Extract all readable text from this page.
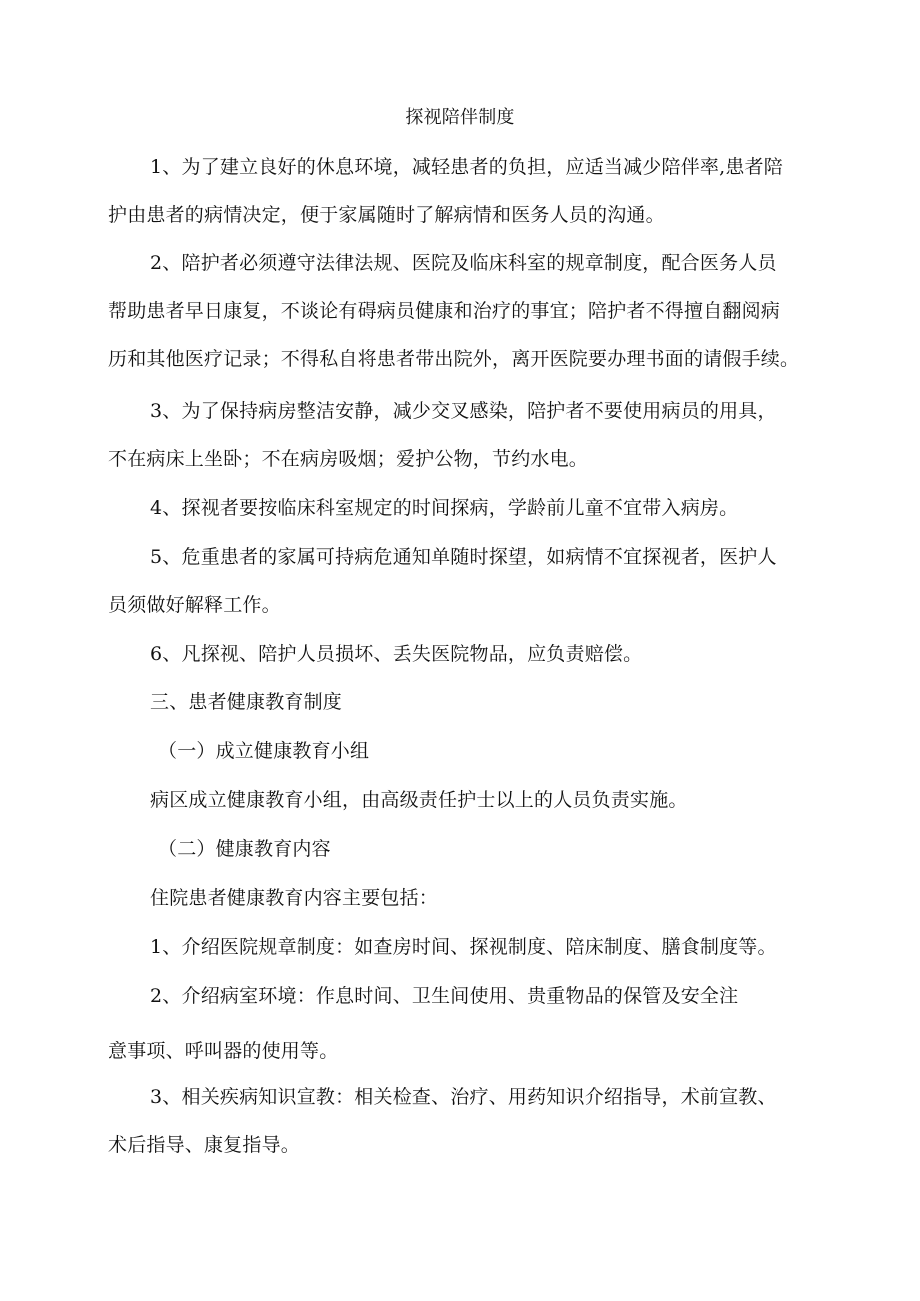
探视陪伴制度
1、为了建立良好的休息环境，减轻患者的负担，应适当减少陪伴率,患者陪
护由患者的病情决定，便于家属随时了解病情和医务人员的沟通。
2、陪护者必须遵守法律法规、医院及临床科室的规章制度，配合医务人员
帮助患者早日康复，不谈论有碍病员健康和治疗的事宜；陪护者不得擅自翻阅病
历和其他医疗记录；不得私自将患者带出院外，离开医院要办理书面的请假手续。
3、为了保持病房整洁安静，减少交叉感染，陪护者不要使用病员的用具，
不在病床上坐卧；不在病房吸烟；爱护公物，节约水电。
4、探视者要按临床科室规定的时间探病，学龄前儿童不宜带入病房。
5、危重患者的家属可持病危通知单随时探望，如病情不宜探视者，医护人
员须做好解释工作。
6、凡探视、陪护人员损坏、丢失医院物品，应负责赔偿。
三、患者健康教育制度
（一）成立健康教育小组
病区成立健康教育小组，由高级责任护士以上的人员负责实施。
（二）健康教育内容
住院患者健康教育内容主要包括：
1、介绍医院规章制度：如查房时间、探视制度、陪床制度、膳食制度等。
2、介绍病室环境：作息时间、卫生间使用、贵重物品的保管及安全注
意事项、呼叫器的使用等。
3、相关疾病知识宣教：相关检查、治疗、用药知识介绍指导，术前宣教、
术后指导、康复指导。
